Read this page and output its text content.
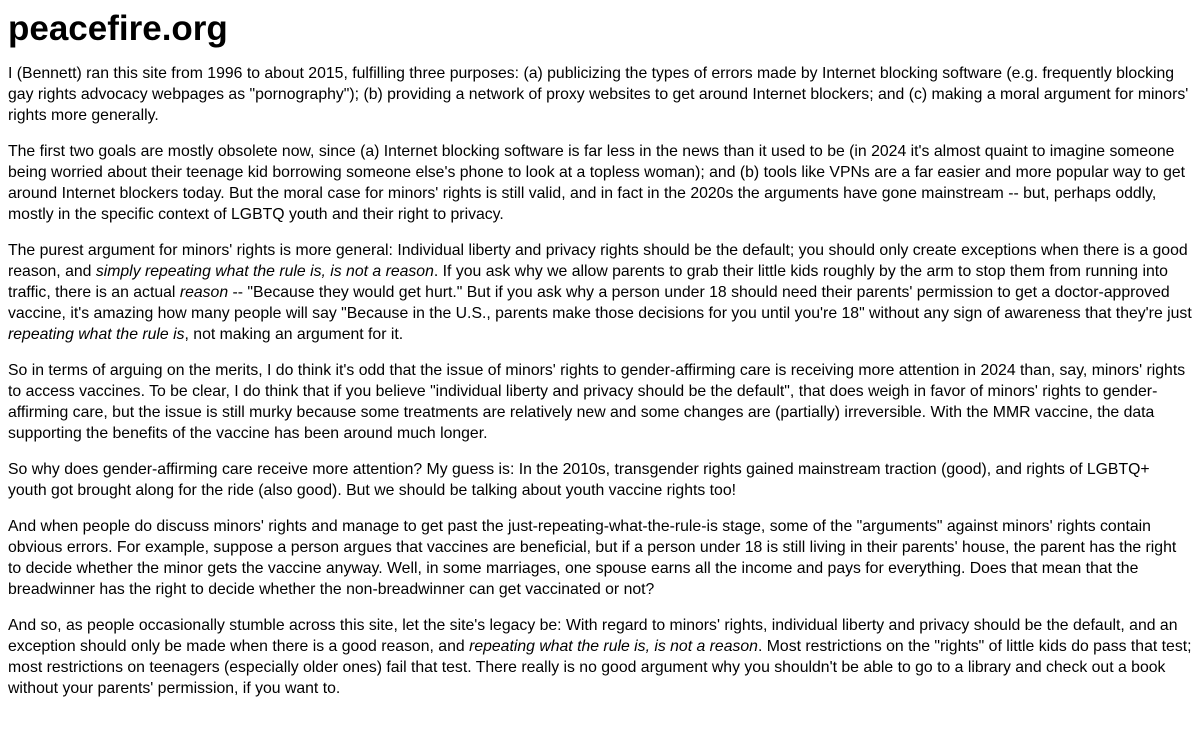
peacefire.org

I (Bennett) ran this site from 1996 to about 2015, fulfilling three purposes: (a) publicizing the types of errors made by Internet blocking software (e.g. frequently blocking gay rights advocacy webpages as "pornography"); (b) providing a network of proxy websites to get around Internet blockers; and (c) making a moral argument for minors' rights more generally.

The first two goals are mostly obsolete now, since (a) Internet blocking software is far less in the news than it used to be (in 2024 it's almost quaint to imagine someone being worried about their teenage kid borrowing someone else's phone to look at a topless woman); and (b) tools like VPNs are a far easier and more popular way to get around Internet blockers today. But the moral case for minors' rights is still valid, and in fact in the 2020s the arguments have gone mainstream -- but, perhaps oddly, mostly in the specific context of LGBTQ youth and their right to privacy.

The purest argument for minors' rights is more general: Individual liberty and privacy rights should be the default; you should only create exceptions when there is a good reason, and simply repeating what the rule is, is not a reason. If you ask why we allow parents to grab their little kids roughly by the arm to stop them from running into traffic, there is an actual reason -- "Because they would get hurt." But if you ask why a person under 18 should need their parents' permission to get a doctor-approved vaccine, it's amazing how many people will say "Because in the U.S., parents make those decisions for you until you're 18" without any sign of awareness that they're just repeating what the rule is, not making an argument for it.

So in terms of arguing on the merits, I do think it's odd that the issue of minors' rights to gender-affirming care is receiving more attention in 2024 than, say, minors' rights to access vaccines. To be clear, I do think that if you believe "individual liberty and privacy should be the default", that does weigh in favor of minors' rights to gender-affirming care, but the issue is still murky because some treatments are relatively new and some changes are (partially) irreversible. With the MMR vaccine, the data supporting the benefits of the vaccine has been around much longer.

So why does gender-affirming care receive more attention? My guess is: In the 2010s, transgender rights gained mainstream traction (good), and rights of LGBTQ+ youth got brought along for the ride (also good). But we should be talking about youth vaccine rights too!

And when people do discuss minors' rights and manage to get past the just-repeating-what-the-rule-is stage, some of the "arguments" against minors' rights contain obvious errors. For example, suppose a person argues that vaccines are beneficial, but if a person under 18 is still living in their parents' house, the parent has the right to decide whether the minor gets the vaccine anyway. Well, in some marriages, one spouse earns all the income and pays for everything. Does that mean that the breadwinner has the right to decide whether the non-breadwinner can get vaccinated or not?

And so, as people occasionally stumble across this site, let the site's legacy be: With regard to minors' rights, individual liberty and privacy should be the default, and an exception should only be made when there is a good reason, and repeating what the rule is, is not a reason. Most restrictions on the "rights" of little kids do pass that test; most restrictions on teenagers (especially older ones) fail that test. There really is no good argument why you shouldn't be able to go to a library and check out a book without your parents' permission, if you want to.
